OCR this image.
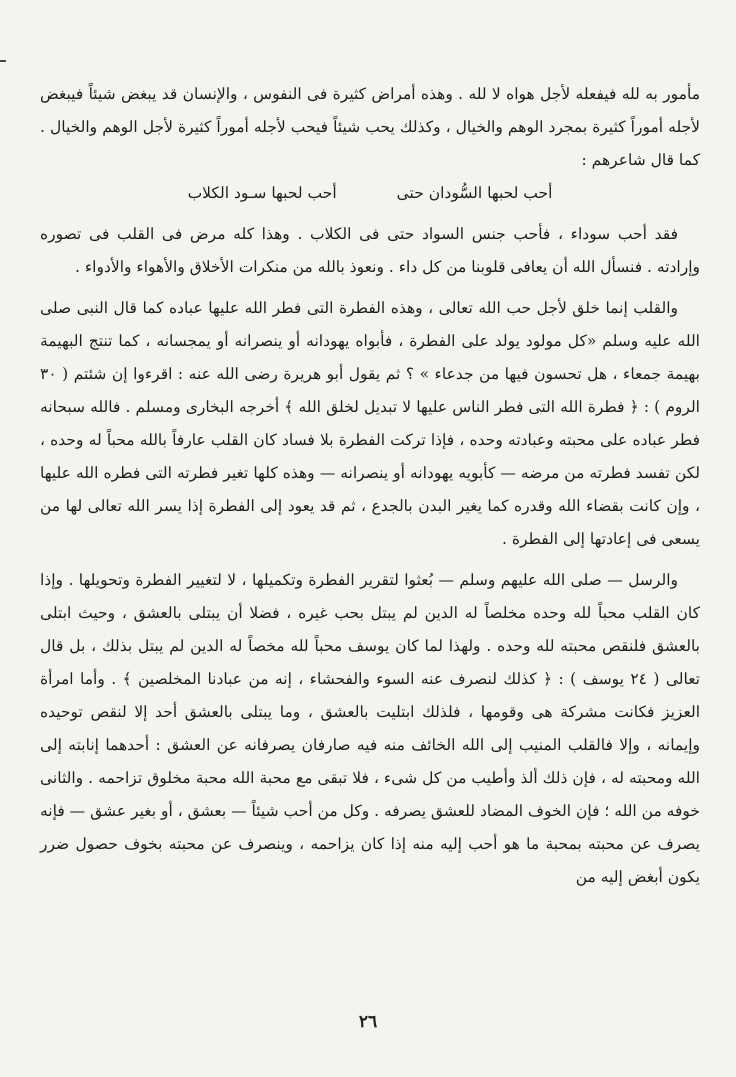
مأمور به لله فيفعله لأجل هواه لا لله . وهذه أمراض كثيرة فى النفوس ، والإنسان قد يبغض شيئاً فيبغض لأجله أموراً كثيرة بمجرد الوهم والخيال ، وكذلك يحب شيئاً فيحب لأجله أموراً كثيرة لأجل الوهم والخيال . كما قال شاعرهم :

أحب لحبها السُّودان حتى
أحب لحبها سـود الكلاب

فقد أحب سوداء ، فأحب جنس السواد حتى فى الكلاب . وهذا كله مرض فى القلب فى تصوره وإرادته . فنسأل الله أن يعافى قلوبنا من كل داء . ونعوذ بالله من منكرات الأخلاق والأهواء والأدواء .

والقلب إنما خلق لأجل حب الله تعالى ، وهذه الفطرة التى فطر الله عليها عباده كما قال النبى صلى الله عليه وسلم «كل مولود يولد على الفطرة ، فأبواه يهودانه أو ينصرانه أو يمجسانه ، كما تنتج البهيمة بهيمة جمعاء ، هل تحسون فيها من جدعاء » ؟ ثم يقول أبو هريرة رضى الله عنه : اقرءوا إن شئتم ( ٣٠ الروم ) : ﴿ فطرة الله التى فطر الناس عليها لا تبديل لخلق الله ﴾ أخرجه البخارى ومسلم . فالله سبحانه فطر عباده على محبته وعبادته وحده ، فإذا تركت الفطرة بلا فساد كان القلب عارفاً بالله محباً له وحده ، لكن تفسد فطرته من مرضه — كأبويه يهودانه أو ينصرانه — وهذه كلها تغير فطرته التى فطره الله عليها ، وإن كانت بقضاء الله وقدره كما يغير البدن بالجدع ، ثم قد يعود إلى الفطرة إذا يسر الله تعالى لها من يسعى فى إعادتها إلى الفطرة .

والرسل — صلى الله عليهم وسلم — بُعثوا لتقرير الفطرة وتكميلها ، لا لتغيير الفطرة وتحويلها . وإذا كان القلب محباً لله وحده مخلصاً له الدين لم يبتل بحب غيره ، فضلا أن يبتلى بالعشق ، وحيث ابتلى بالعشق فلنقص محبته لله وحده . ولهذا لما كان يوسف محباً لله مخصاً له الدين لم يبتل بذلك ، بل قال تعالى ( ٢٤ يوسف ) : ﴿ كذلك لنصرف عنه السوء والفحشاء ، إنه من عبادنا المخلصين ﴾ . وأما امرأة العزيز فكانت مشركة هى وقومها ، فلذلك ابتليت بالعشق ، وما يبتلى بالعشق أحد إلا لنقص توحيده وإيمانه ، وإلا فالقلب المنيب إلى الله الخائف منه فيه صارفان يصرفانه عن العشق : أحدهما إنابته إلى الله ومحبته له ، فإن ذلك ألذ وأطيب من كل شىء ، فلا تبقى مع محبة الله محبة مخلوق تزاحمه . والثانى خوفه من الله ؛ فإن الخوف المضاد للعشق يصرفه . وكل من أحب شيئاً — بعشق ، أو بغير عشق — فإنه يصرف عن محبته بمحبة ما هو أحب إليه منه إذا كان يزاحمه ، وينصرف عن محبته بخوف حصول ضرر يكون أبغض إليه من

٢٦
